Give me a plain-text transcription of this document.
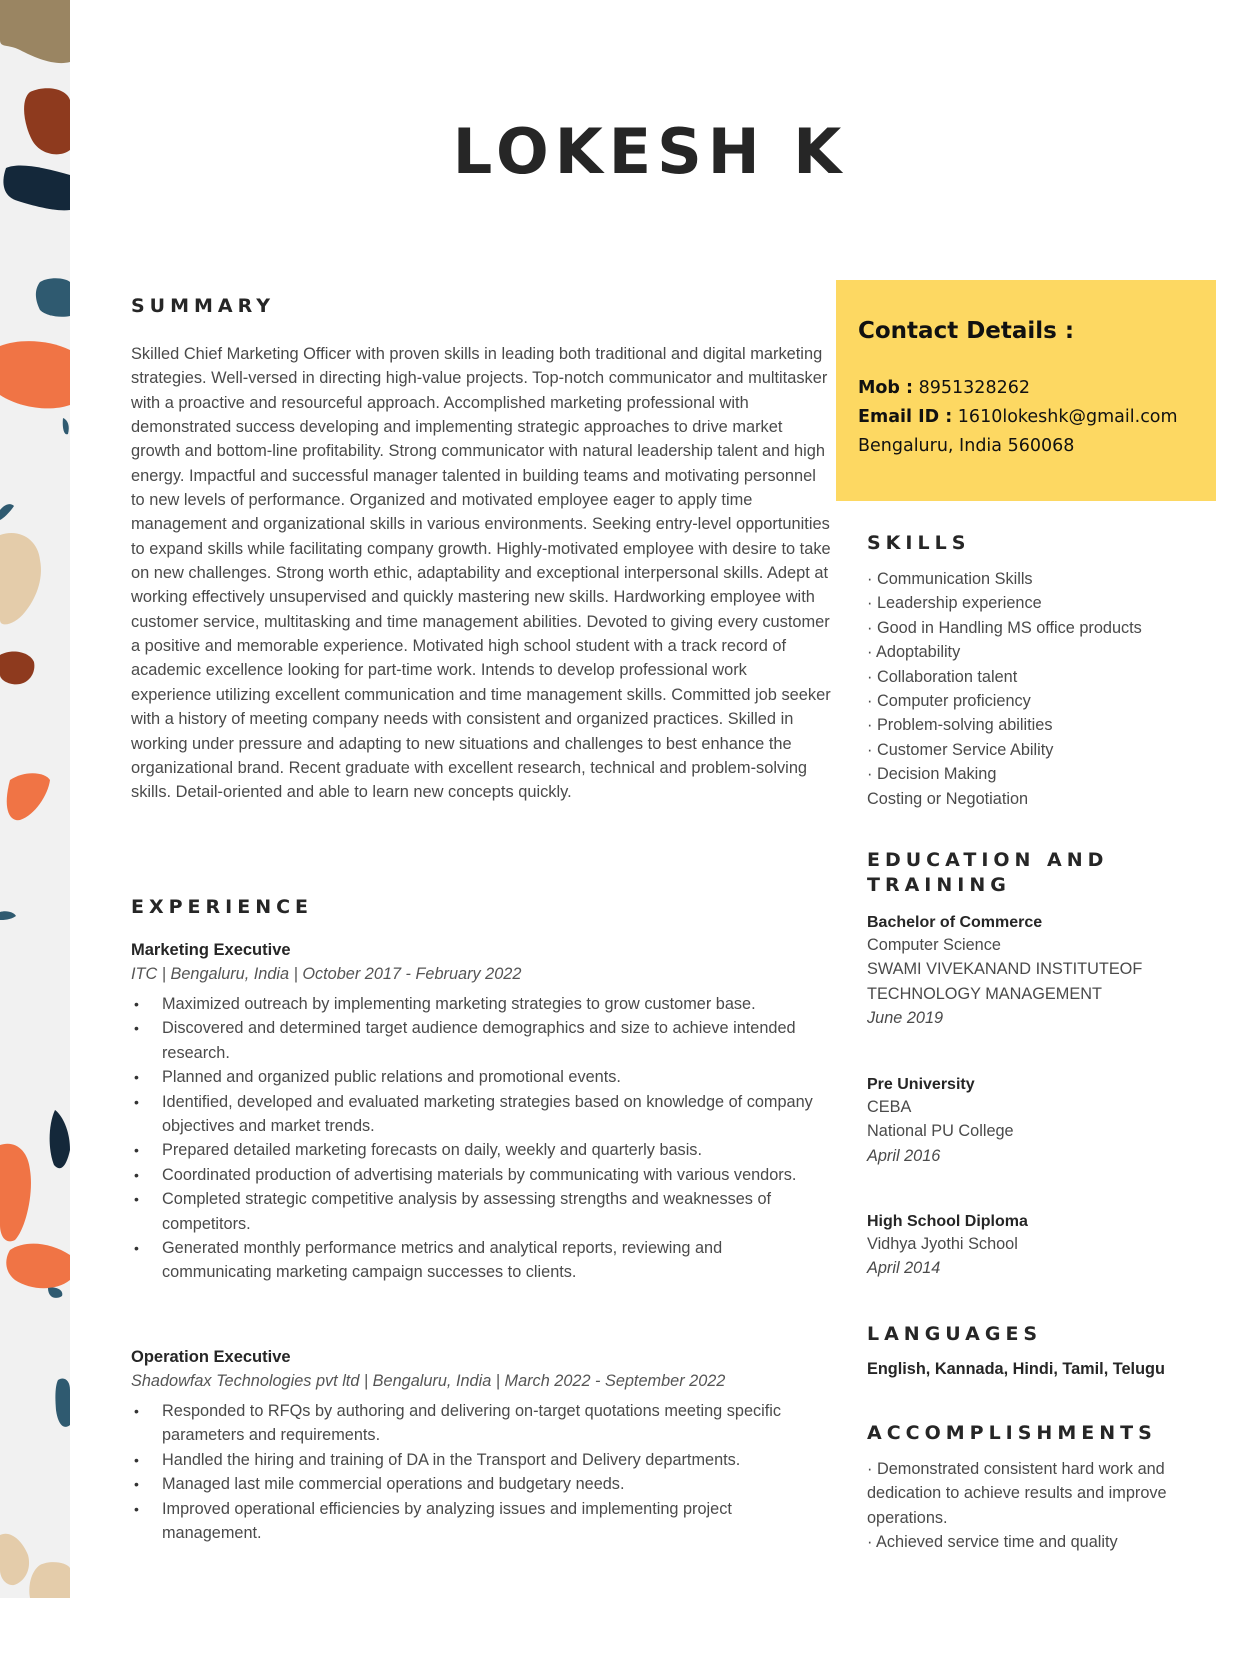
LOKESH K
SUMMARY

Skilled Chief Marketing Officer with proven skills in leading both traditional and digital marketing strategies. Well-versed in directing high-value projects. Top-notch communicator and multitasker with a proactive and resourceful approach. Accomplished marketing professional with demonstrated success developing and implementing strategic approaches to drive market growth and bottom-line profitability. Strong communicator with natural leadership talent and high energy. Impactful and successful manager talented in building teams and motivating personnel to new levels of performance. Organized and motivated employee eager to apply time management and organizational skills in various environments. Seeking entry-level opportunities to expand skills while facilitating company growth. Highly-motivated employee with desire to take on new challenges. Strong worth ethic, adaptability and exceptional interpersonal skills. Adept at working effectively unsupervised and quickly mastering new skills. Hardworking employee with customer service, multitasking and time management abilities. Devoted to giving every customer a positive and memorable experience. Motivated high school student with a track record of academic excellence looking for part-time work. Intends to develop professional work experience utilizing excellent communication and time management skills. Committed job seeker with a history of meeting company needs with consistent and organized practices. Skilled in working under pressure and adapting to new situations and challenges to best enhance the organizational brand. Recent graduate with excellent research, technical and problem-solving skills. Detail-oriented and able to learn new concepts quickly.

EXPERIENCE

Marketing Executive

ITC | Bengaluru, India | October 2017 - February 2022

• Maximized outreach by implementing marketing strategies to grow customer base.
• Discovered and determined target audience demographics and size to achieve intended research.
• Planned and organized public relations and promotional events.
• Identified, developed and evaluated marketing strategies based on knowledge of company objectives and market trends.
• Prepared detailed marketing forecasts on daily, weekly and quarterly basis.
• Coordinated production of advertising materials by communicating with various vendors.
• Completed strategic competitive analysis by assessing strengths and weaknesses of competitors.
• Generated monthly performance metrics and analytical reports, reviewing and communicating marketing campaign successes to clients.

Operation Executive

Shadowfax Technologies pvt ltd | Bengaluru, India | March 2022 - September 2022

• Responded to RFQs by authoring and delivering on-target quotations meeting specific parameters and requirements.
• Handled the hiring and training of DA in the Transport and Delivery departments.
• Managed last mile commercial operations and budgetary needs.
• Improved operational efficiencies by analyzing issues and implementing project management.

Contact Details :

Mob : 8951328262

Email ID : 1610lokeshk@gmail.com

Bengaluru, India 560068

SKILLS
· Communication Skills
· Leadership experience
· Good in Handling MS office products
· Adoptability
· Collaboration talent
· Computer proficiency
· Problem-solving abilities
· Customer Service Ability
· Decision Making
Costing or Negotiation
EDUCATION AND
TRAINING

Bachelor of Commerce

Computer Science

SWAMI VIVEKANAND INSTITUTEOF

TECHNOLOGY MANAGEMENT

June 2019

Pre University

CEBA

National PU College

April 2016

High School Diploma

Vidhya Jyothi School

April 2014

LANGUAGES

English, Kannada, Hindi, Tamil, Telugu

ACCOMPLISHMENTS
· Demonstrated consistent hard work and dedication to achieve results and improve operations.
· Achieved service time and quality
